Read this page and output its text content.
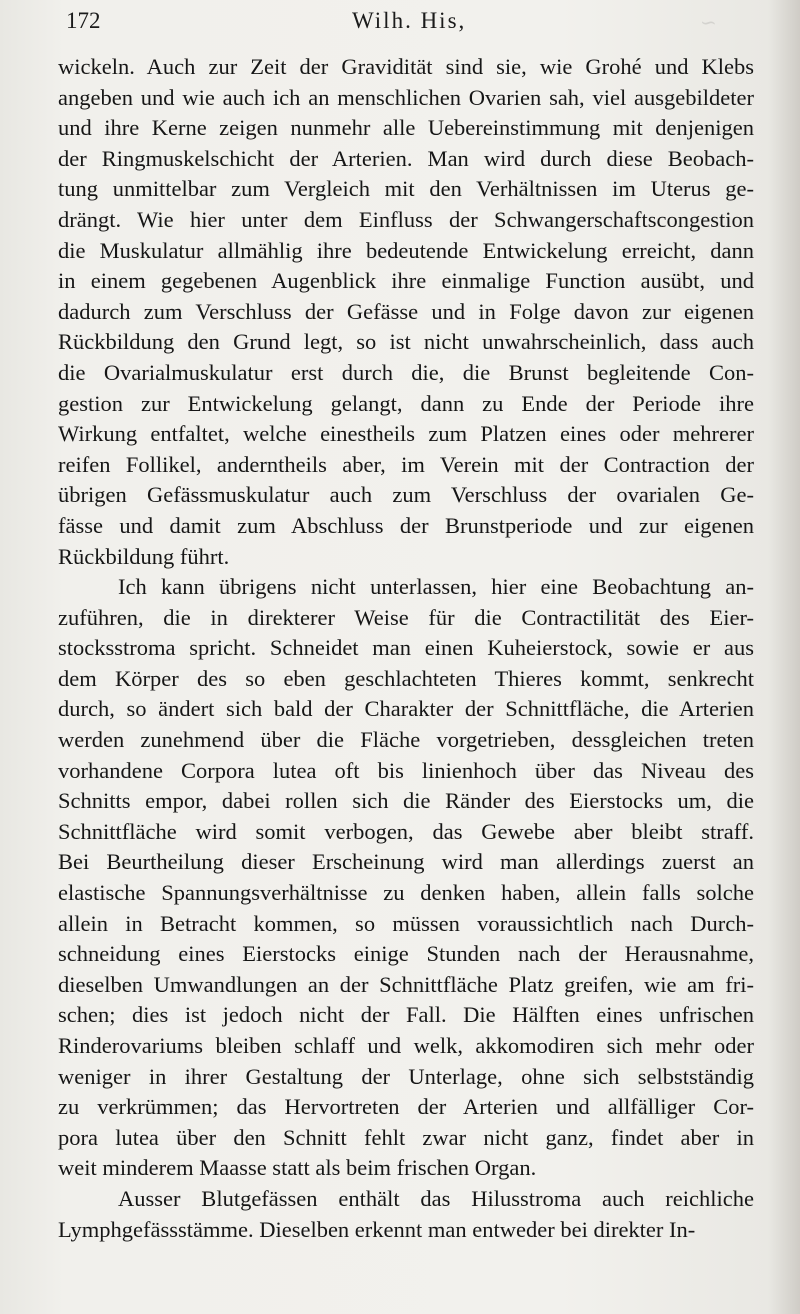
~
172	Wilh. His,
wickeln. Auch zur Zeit der Gravidität sind sie, wie Grohé und Klebs
angeben und wie auch ich an menschlichen Ovarien sah, viel ausgebildeter
und ihre Kerne zeigen nunmehr alle Uebereinstimmung mit denjenigen
der Ringmuskelschicht der Arterien. Man wird durch diese Beobach-
tung unmittelbar zum Vergleich mit den Verhältnissen im Uterus ge-
drängt. Wie hier unter dem Einfluss der Schwangerschaftscongestion
die Muskulatur allmählig ihre bedeutende Entwickelung erreicht, dann
in einem gegebenen Augenblick ihre einmalige Function ausübt, und
dadurch zum Verschluss der Gefässe und in Folge davon zur eigenen
Rückbildung den Grund legt, so ist nicht unwahrscheinlich, dass auch
die Ovarialmuskulatur erst durch die, die Brunst begleitende Con-
gestion zur Entwickelung gelangt, dann zu Ende der Periode ihre
Wirkung entfaltet, welche einestheils zum Platzen eines oder mehrerer
reifen Follikel, anderntheils aber, im Verein mit der Contraction der
übrigen Gefässmuskulatur auch zum Verschluss der ovarialen Ge-
fässe und damit zum Abschluss der Brunstperiode und zur eigenen
Rückbildung führt.
Ich kann übrigens nicht unterlassen, hier eine Beobachtung an-
zuführen, die in direkterer Weise für die Contractilität des Eier-
stocksstroma spricht. Schneidet man einen Kuheierstock, sowie er aus
dem Körper des so eben geschlachteten Thieres kommt, senkrecht
durch, so ändert sich bald der Charakter der Schnittfläche, die Arterien
werden zunehmend über die Fläche vorgetrieben, dessgleichen treten
vorhandene Corpora lutea oft bis linienhoch über das Niveau des
Schnitts empor, dabei rollen sich die Ränder des Eierstocks um, die
Schnittfläche wird somit verbogen, das Gewebe aber bleibt straff.
Bei Beurtheilung dieser Erscheinung wird man allerdings zuerst an
elastische Spannungsverhältnisse zu denken haben, allein falls solche
allein in Betracht kommen, so müssen voraussichtlich nach Durch-
schneidung eines Eierstocks einige Stunden nach der Herausnahme,
dieselben Umwandlungen an der Schnittfläche Platz greifen, wie am fri-
schen; dies ist jedoch nicht der Fall. Die Hälften eines unfrischen
Rinderovariums bleiben schlaff und welk, akkomodiren sich mehr oder
weniger in ihrer Gestaltung der Unterlage, ohne sich selbstständig
zu verkrümmen; das Hervortreten der Arterien und allfälliger Cor-
pora lutea über den Schnitt fehlt zwar nicht ganz, findet aber in
weit minderem Maasse statt als beim frischen Organ.
Ausser Blutgefässen enthält das Hilusstroma auch reichliche
Lymphgefässstämme. Dieselben erkennt man entweder bei direkter In-
